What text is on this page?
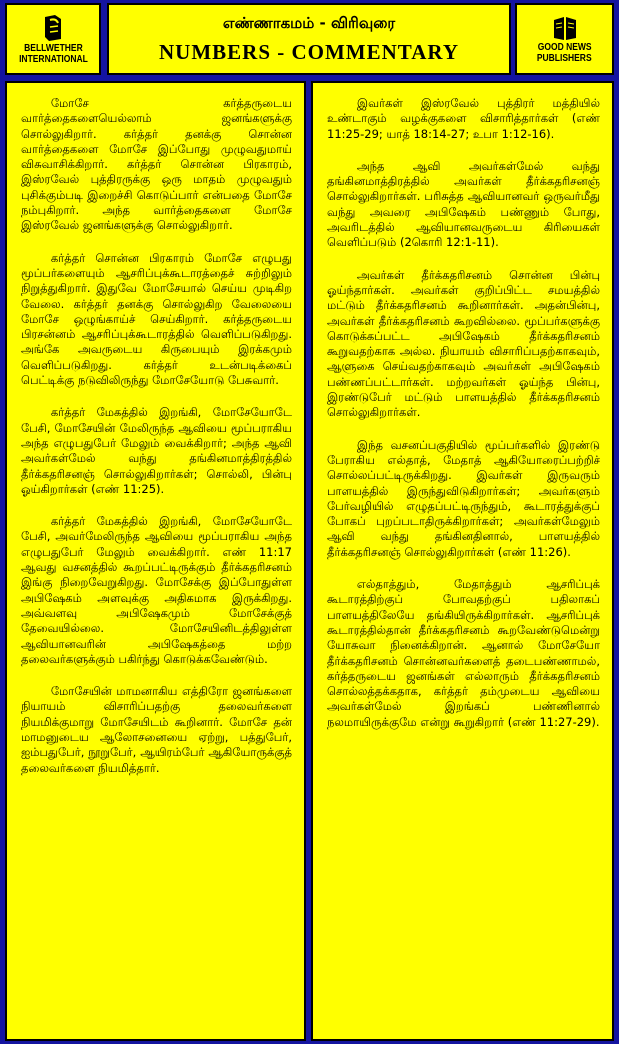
BELLWETHER
INTERNATIONAL
எண்ணாகமம் - விரிவுரை
NUMBERS - COMMENTARY	GOOD NEWS
PUBLISHERS

மோசே கர்த்தருடைய வார்த்தைகளையெல்லாம் ஜனங்களுக்கு சொல்லுகிறார். கர்த்தர் தனக்கு சொன்ன வார்த்தைகளை மோசே இப்போது முழுவதுமாய் விசுவாசிக்கிறார். கர்த்தர் சொன்ன பிரகாரம், இஸ்ரவேல் புத்திரருக்கு ஒரு மாதம் முழுவதும் புசிக்கும்படி இறைச்சி கொடுப்பார் என்பதை மோசே நம்புகிறார். அந்த வார்த்தைகளை மோசே இஸ்ரவேல் ஜனங்களுக்கு சொல்லுகிறார்.

கர்த்தர் சொன்ன பிரகாரம் மோசே எழுபது மூப்பர்களையும் ஆசரிப்புக்கூடாரத்தைச் சுற்றிலும் நிறுத்துகிறார். இதுவே மோசேயால் செய்ய முடிகிற வேலை. கர்த்தர் தனக்கு சொல்லுகிற வேலையை மோசே ஒழுங்காய்ச் செய்கிறார். கர்த்தருடைய பிரசன்னம் ஆசரிப்புக்கூடாரத்தில் வெளிப்படுகிறது. அங்கே அவருடைய கிருபையும் இரக்கமும் வெளிப்படுகிறது. கர்த்தர் உடன்படிக்கைப் பெட்டிக்கு நடுவிலிருந்து மோசேயோடு பேசுவார்.

கர்த்தர் மேகத்தில் இறங்கி, மோசேயோடே பேசி, மோசேயின் மேலிருந்த ஆவியை மூப்பராகிய அந்த எழுபதுபேர் மேலும் வைக்கிறார்; அந்த ஆவி அவர்கள்மேல் வந்து தங்கினமாத்திரத்தில் தீர்க்கதரிசனஞ் சொல்லுகிறார்கள்; சொல்லி, பின்பு ஓய்கிறார்கள் (எண் 11:25).

கர்த்தர் மேகத்தில் இறங்கி, மோசேயோடே பேசி, அவர்மேலிருந்த ஆவியை மூப்பராகிய அந்த எழுபதுபேர் மேலும் வைக்கிறார். எண் 11:17 ஆவது வசனத்தில் கூறப்பட்டிருக்கும் தீர்க்கதரிசனம் இங்கு நிறைவேறுகிறது. மோசேக்கு இப்போதுள்ள அபிஷேகம் அளவுக்கு அதிகமாக இருக்கிறது. அவ்வளவு அபிஷேகமும் மோசேக்குத் தேவையில்லை. மோசேயினிடத்திலுள்ள ஆவியானவரின் அபிஷேகத்தை மற்ற தலைவர்களுக்கும் பகிர்ந்து கொடுக்கவேண்டும்.

மோசேயின் மாமனாகிய எத்திரோ ஜனங்களை நியாயம் விசாரிப்பதற்கு தலைவர்களை நியமிக்குமாறு மோசேயிடம் கூறினார். மோசே தன் மாமனுடைய ஆலோசனையை ஏற்று, பத்துபேர், ஐம்பதுபேர், நூறுபேர், ஆயிரம்பேர் ஆகியோருக்குத் தலைவர்களை நியமித்தார்.

இவர்கள் இஸ்ரவேல் புத்திரர் மத்தியில் உண்டாகும் வழக்குகளை விசாரித்தார்கள் (எண் 11:25-29; யாத் 18:14-27; உபா 1:12-16).

அந்த ஆவி அவர்கள்மேல் வந்து தங்கினமாத்திரத்தில் அவர்கள் தீர்க்கதரிசனஞ் சொல்லுகிறார்கள். பரிசுத்த ஆவியானவர் ஒருவர்மீது வந்து அவரை அபிஷேகம் பண்ணும் போது, அவரிடத்தில் ஆவியானவருடைய கிரியைகள் வெளிப்படும் (2கொரி 12:1-11).

அவர்கள் தீர்க்கதரிசனம் சொன்ன பின்பு ஓய்ந்தார்கள். அவர்கள் குறிப்பிட்ட சமயத்தில் மட்டும் தீர்க்கதரிசனம் கூறினார்கள். அதன்பின்பு, அவர்கள் தீர்க்கதரிசனம் கூறவில்லை. மூப்பர்களுக்கு கொடுக்கப்பட்ட அபிஷேகம் தீர்க்கதரிசனம் கூறுவதற்காக அல்ல. நியாயம் விசாரிப்பதற்காகவும், ஆளுகை செய்வதற்காகவும் அவர்கள் அபிஷேகம் பண்ணப்பட்டார்கள். மற்றவர்கள் ஓய்ந்த பின்பு, இரண்டுபேர் மட்டும் பாளயத்தில் தீர்க்கதரிசனம் சொல்லுகிறார்கள்.

இந்த வசனப்பகுதியில் மூப்பர்களில் இரண்டு பேராகிய எல்தாத், மேதாத் ஆகியோரைப்பற்றிச் சொல்லப்பட்டிருக்கிறது. இவர்கள் இருவரும் பாளயத்தில் இருந்துவிடுகிறார்கள்; அவர்களும் பேர்வழியில் எழுதப்பட்டிருந்தும், கூடாரத்துக்குப் போகப் புறப்படாதிருக்கிறார்கள்; அவர்கள்மேலும் ஆவி வந்து தங்கினதினால், பாளயத்தில் தீர்க்கதரிசனஞ் சொல்லுகிறார்கள் (எண் 11:26).

எல்தாத்தும், மேதாத்தும் ஆசரிப்புக் கூடாரத்திற்குப் போவதற்குப் பதிலாகப் பாளயத்திலேயே தங்கியிருக்கிறார்கள். ஆசரிப்புக் கூடாரத்தில்தான் தீர்க்கதரிசனம் கூறவேண்டுமென்று யோசுவா நினைக்கிறான். ஆனால் மோசேயோ தீர்க்கதரிசனம் சொன்னவர்களைத் தடைபண்ணாமல், கர்த்தருடைய ஜனங்கள் எல்லாரும் தீர்க்கதரிசனம் சொல்லத்தக்கதாக, கர்த்தர் தம்முடைய ஆவியை அவர்கள்மேல் இறங்கப் பண்ணினால் நலமாயிருக்குமே என்று கூறுகிறார் (எண் 11:27-29).
